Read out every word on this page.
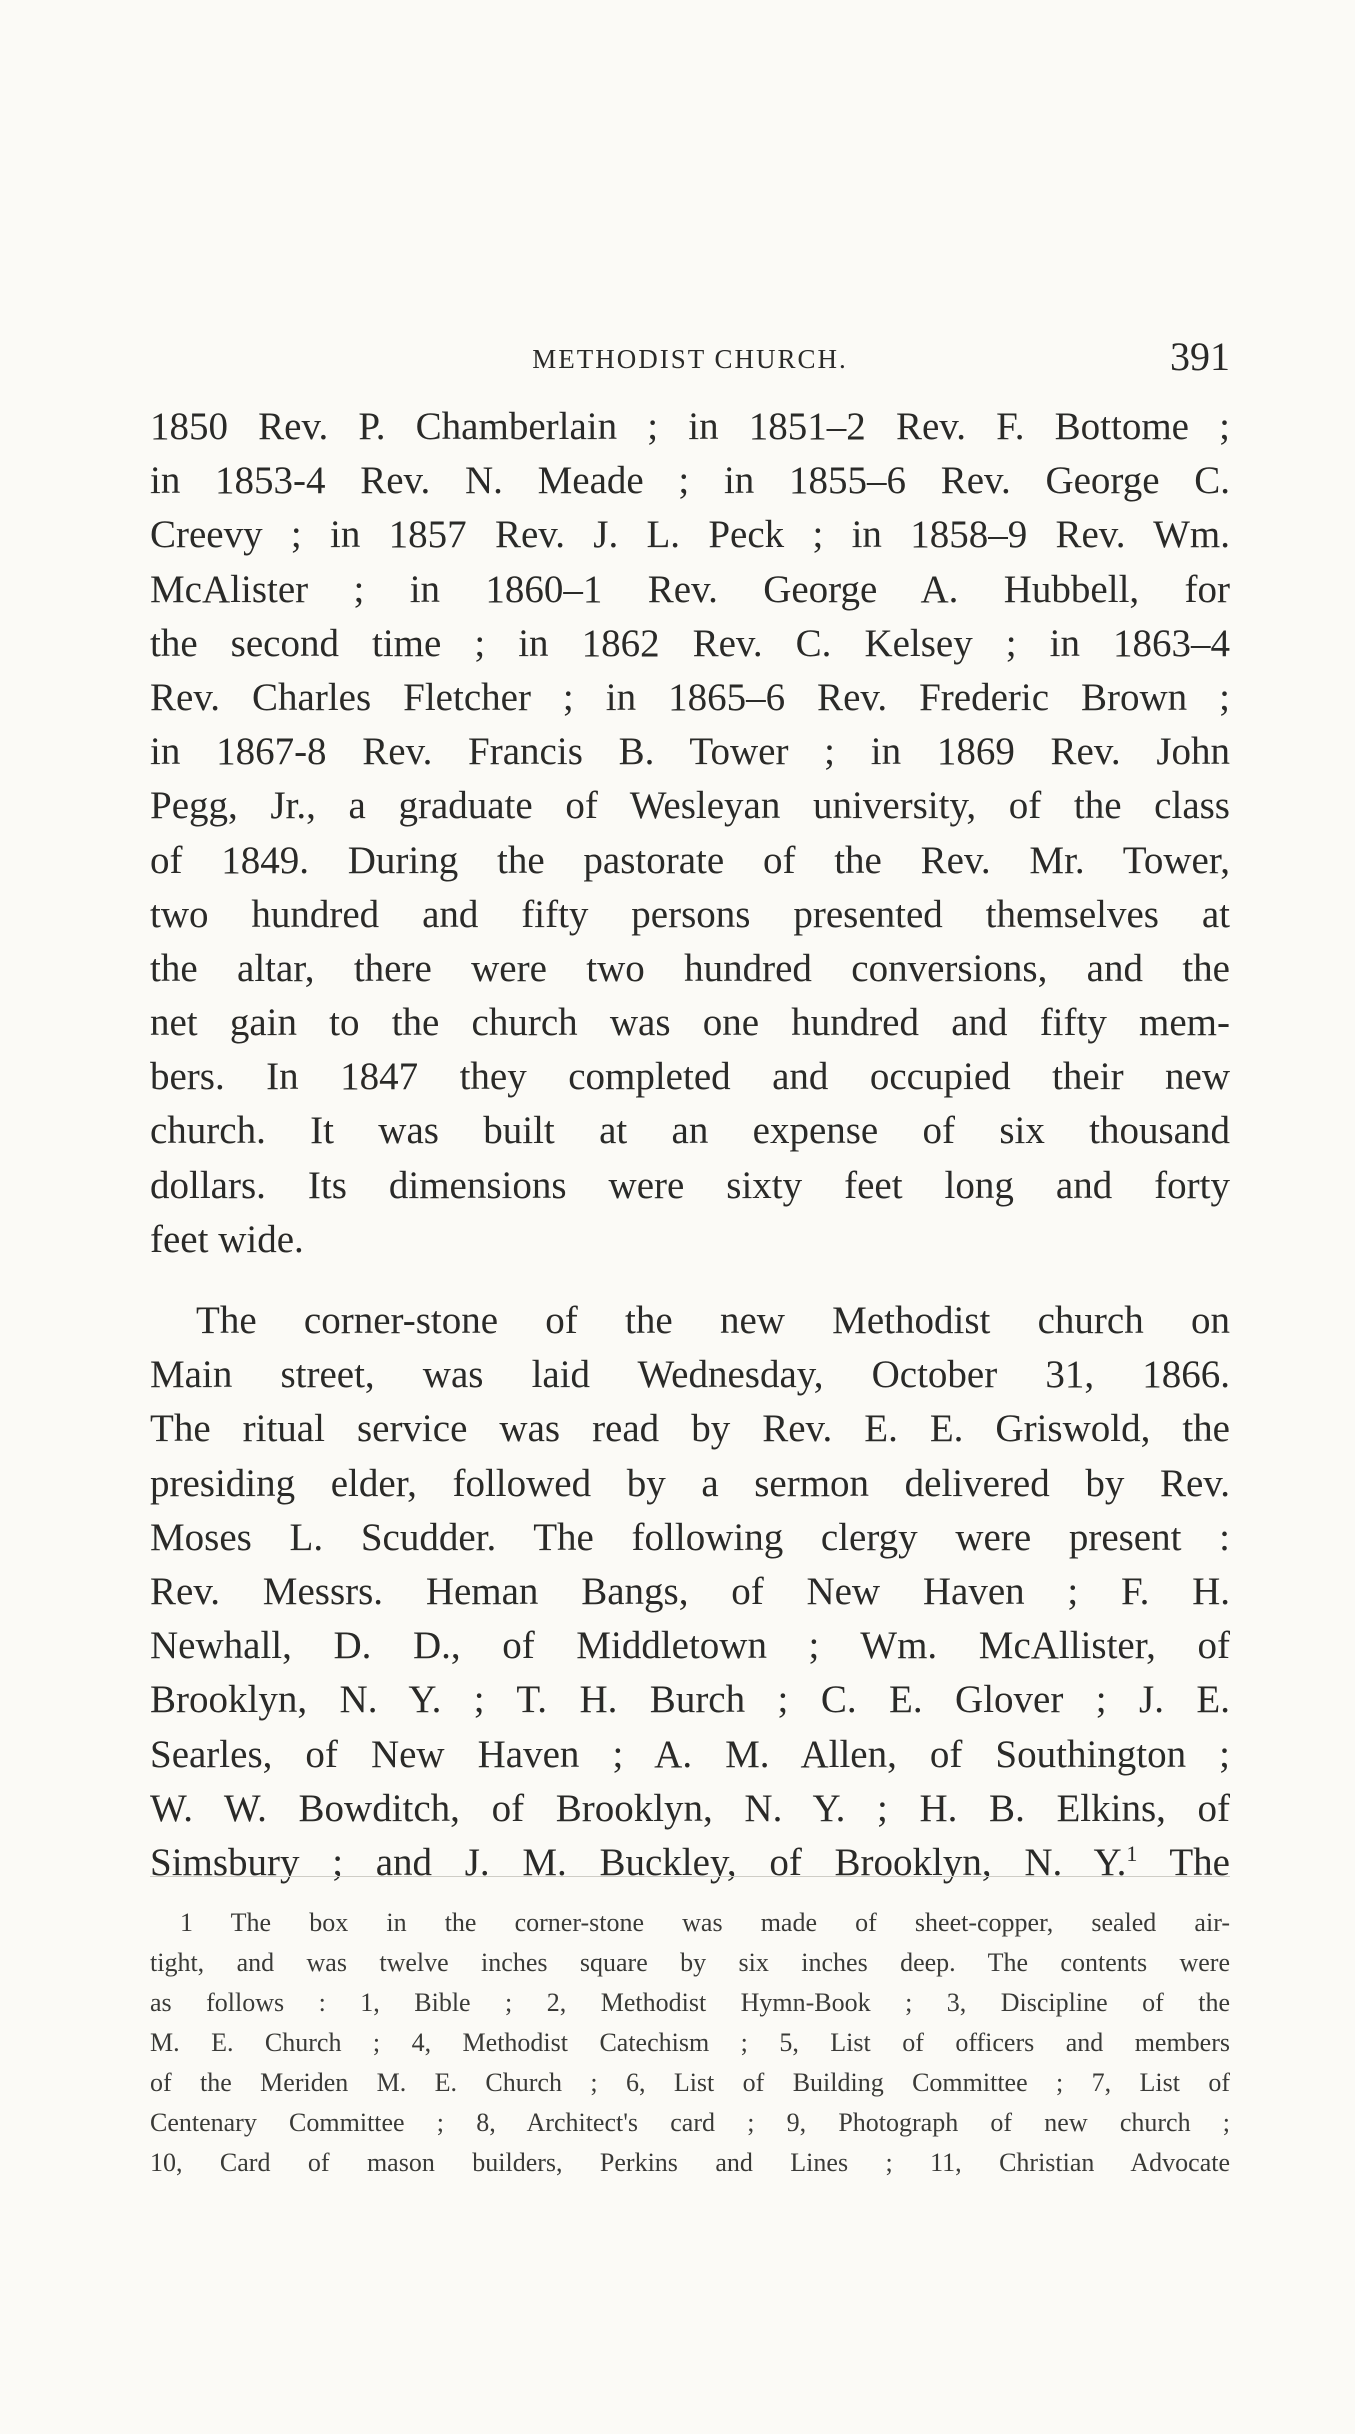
METHODIST CHURCH.	391
1850 Rev. P. Chamberlain ; in 1851–2 Rev. F. Bottome ;
in 1853-4 Rev. N. Meade ; in 1855–6 Rev. George C.
Creevy ; in 1857 Rev. J. L. Peck ; in 1858–9 Rev. Wm.
McAlister ; in 1860–1 Rev. George A. Hubbell, for
the second time ; in 1862 Rev. C. Kelsey ; in 1863–4
Rev. Charles Fletcher ; in 1865–6 Rev. Frederic Brown ;
in 1867-8 Rev. Francis B. Tower ; in 1869 Rev. John
Pegg, Jr., a graduate of Wesleyan university, of the class
of 1849. During the pastorate of the Rev. Mr. Tower,
two hundred and fifty persons presented themselves at
the altar, there were two hundred conversions, and the
net gain to the church was one hundred and fifty mem-
bers. In 1847 they completed and occupied their new
church. It was built at an expense of six thousand
dollars. Its dimensions were sixty feet long and forty
feet wide.
The corner-stone of the new Methodist church on
Main street, was laid Wednesday, October 31, 1866.
The ritual service was read by Rev. E. E. Griswold, the
presiding elder, followed by a sermon delivered by Rev.
Moses L. Scudder. The following clergy were present :
Rev. Messrs. Heman Bangs, of New Haven ; F. H.
Newhall, D. D., of Middletown ; Wm. McAllister, of
Brooklyn, N. Y. ; T. H. Burch ; C. E. Glover ; J. E.
Searles, of New Haven ; A. M. Allen, of Southington ;
W. W. Bowditch, of Brooklyn, N. Y. ; H. B. Elkins, of
Simsbury ; and J. M. Buckley, of Brooklyn, N. Y.$^1$ The
1 The box in the corner-stone was made of sheet-copper, sealed air-
tight, and was twelve inches square by six inches deep. The contents were
as follows : 1, Bible ; 2, Methodist Hymn-Book ; 3, Discipline of the
M. E. Church ; 4, Methodist Catechism ; 5, List of officers and members
of the Meriden M. E. Church ; 6, List of Building Committee ; 7, List of
Centenary Committee ; 8, Architect's card ; 9, Photograph of new church ;
10, Card of mason builders, Perkins and Lines ; 11, Christian Advocate
